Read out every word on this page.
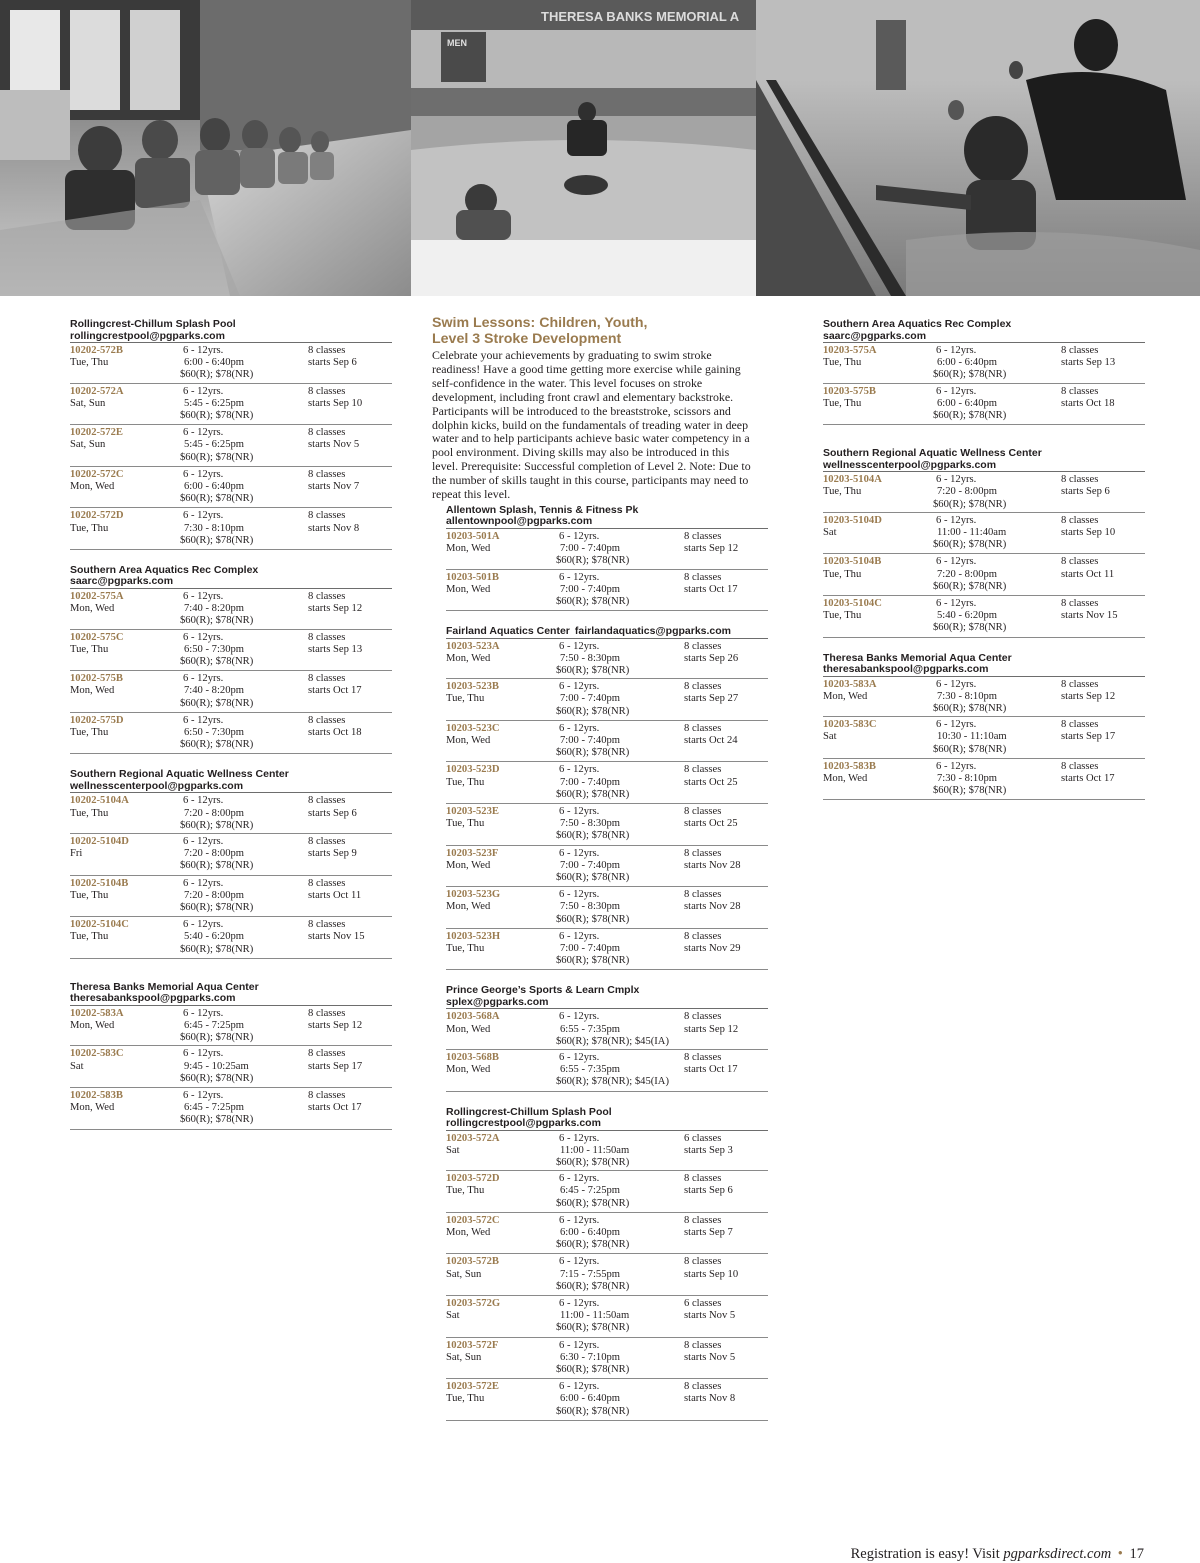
THERESA BANKS MEMORIAL A
MEN
Rollingcrest-Chillum Splash Pool
rollingcrestpool@pgparks.com
10202-572B
Tue, Thu
6 - 12yrs.
6:00 - 6:40pm
$60(R); $78(NR)
8 classes
starts Sep 6
10202-572A
Sat, Sun
6 - 12yrs.
5:45 - 6:25pm
$60(R); $78(NR)
8 classes
starts Sep 10
10202-572E
Sat, Sun
6 - 12yrs.
5:45 - 6:25pm
$60(R); $78(NR)
8 classes
starts Nov 5
10202-572C
Mon, Wed
6 - 12yrs.
6:00 - 6:40pm
$60(R); $78(NR)
8 classes
starts Nov 7
10202-572D
Tue, Thu
6 - 12yrs.
7:30 - 8:10pm
$60(R); $78(NR)
8 classes
starts Nov 8
Southern Area Aquatics Rec Complex
saarc@pgparks.com
10202-575A
Mon, Wed
6 - 12yrs.
7:40 - 8:20pm
$60(R); $78(NR)
8 classes
starts Sep 12
10202-575C
Tue, Thu
6 - 12yrs.
6:50 - 7:30pm
$60(R); $78(NR)
8 classes
starts Sep 13
10202-575B
Mon, Wed
6 - 12yrs.
7:40 - 8:20pm
$60(R); $78(NR)
8 classes
starts Oct 17
10202-575D
Tue, Thu
6 - 12yrs.
6:50 - 7:30pm
$60(R); $78(NR)
8 classes
starts Oct 18
Southern Regional Aquatic Wellness Center
wellnesscenterpool@pgparks.com
10202-5104A
Tue, Thu
6 - 12yrs.
7:20 - 8:00pm
$60(R); $78(NR)
8 classes
starts Sep 6
10202-5104D
Fri
6 - 12yrs.
7:20 - 8:00pm
$60(R); $78(NR)
8 classes
starts Sep 9
10202-5104B
Tue, Thu
6 - 12yrs.
7:20 - 8:00pm
$60(R); $78(NR)
8 classes
starts Oct 11
10202-5104C
Tue, Thu
6 - 12yrs.
5:40 - 6:20pm
$60(R); $78(NR)
8 classes
starts Nov 15
Theresa Banks Memorial Aqua Center
theresabankspool@pgparks.com
10202-583A
Mon, Wed
6 - 12yrs.
6:45 - 7:25pm
$60(R); $78(NR)
8 classes
starts Sep 12
10202-583C
Sat
6 - 12yrs.
9:45 - 10:25am
$60(R); $78(NR)
8 classes
starts Sep 17
10202-583B
Mon, Wed
6 - 12yrs.
6:45 - 7:25pm
$60(R); $78(NR)
8 classes
starts Oct 17
Swim Lessons: Children, Youth,
Level 3 Stroke Development
Celebrate your achievements by graduating to swim stroke readiness! Have a good time getting more exercise while gaining self-confidence in the water. This level focuses on stroke development, including front crawl and elementary backstroke. Participants will be introduced to the breaststroke, scissors and dolphin kicks, build on the fundamentals of treading water in deep water and to help participants achieve basic water competency in a pool environment. Diving skills may also be introduced in this level. Prerequisite: Successful completion of Level 2. Note: Due to the number of skills taught in this course, participants may need to repeat this level.
Allentown Splash, Tennis & Fitness Pk
allentownpool@pgparks.com
10203-501A
Mon, Wed
6 - 12yrs.
7:00 - 7:40pm
$60(R); $78(NR)
8 classes
starts Sep 12
10203-501B
Mon, Wed
6 - 12yrs.
7:00 - 7:40pm
$60(R); $78(NR)
8 classes
starts Oct 17
Fairland Aquatics Center fairlandaquatics@pgparks.com
10203-523A
Mon, Wed
6 - 12yrs.
7:50 - 8:30pm
$60(R); $78(NR)
8 classes
starts Sep 26
10203-523B
Tue, Thu
6 - 12yrs.
7:00 - 7:40pm
$60(R); $78(NR)
8 classes
starts Sep 27
10203-523C
Mon, Wed
6 - 12yrs.
7:00 - 7:40pm
$60(R); $78(NR)
8 classes
starts Oct 24
10203-523D
Tue, Thu
6 - 12yrs.
7:00 - 7:40pm
$60(R); $78(NR)
8 classes
starts Oct 25
10203-523E
Tue, Thu
6 - 12yrs.
7:50 - 8:30pm
$60(R); $78(NR)
8 classes
starts Oct 25
10203-523F
Mon, Wed
6 - 12yrs.
7:00 - 7:40pm
$60(R); $78(NR)
8 classes
starts Nov 28
10203-523G
Mon, Wed
6 - 12yrs.
7:50 - 8:30pm
$60(R); $78(NR)
8 classes
starts Nov 28
10203-523H
Tue, Thu
6 - 12yrs.
7:00 - 7:40pm
$60(R); $78(NR)
8 classes
starts Nov 29
Prince George’s Sports & Learn Cmplx
splex@pgparks.com
10203-568A
Mon, Wed
6 - 12yrs.
6:55 - 7:35pm
$60(R); $78(NR); $45(IA)
8 classes
starts Sep 12
10203-568B
Mon, Wed
6 - 12yrs.
6:55 - 7:35pm
$60(R); $78(NR); $45(IA)
8 classes
starts Oct 17
Rollingcrest-Chillum Splash Pool
rollingcrestpool@pgparks.com
10203-572A
Sat
6 - 12yrs.
11:00 - 11:50am
$60(R); $78(NR)
6 classes
starts Sep 3
10203-572D
Tue, Thu
6 - 12yrs.
6:45 - 7:25pm
$60(R); $78(NR)
8 classes
starts Sep 6
10203-572C
Mon, Wed
6 - 12yrs.
6:00 - 6:40pm
$60(R); $78(NR)
8 classes
starts Sep 7
10203-572B
Sat, Sun
6 - 12yrs.
7:15 - 7:55pm
$60(R); $78(NR)
8 classes
starts Sep 10
10203-572G
Sat
6 - 12yrs.
11:00 - 11:50am
$60(R); $78(NR)
6 classes
starts Nov 5
10203-572F
Sat, Sun
6 - 12yrs.
6:30 - 7:10pm
$60(R); $78(NR)
8 classes
starts Nov 5
10203-572E
Tue, Thu
6 - 12yrs.
6:00 - 6:40pm
$60(R); $78(NR)
8 classes
starts Nov 8
Southern Area Aquatics Rec Complex
saarc@pgparks.com
10203-575A
Tue, Thu
6 - 12yrs.
6:00 - 6:40pm
$60(R); $78(NR)
8 classes
starts Sep 13
10203-575B
Tue, Thu
6 - 12yrs.
6:00 - 6:40pm
$60(R); $78(NR)
8 classes
starts Oct 18
Southern Regional Aquatic Wellness Center
wellnesscenterpool@pgparks.com
10203-5104A
Tue, Thu
6 - 12yrs.
7:20 - 8:00pm
$60(R); $78(NR)
8 classes
starts Sep 6
10203-5104D
Sat
6 - 12yrs.
11:00 - 11:40am
$60(R); $78(NR)
8 classes
starts Sep 10
10203-5104B
Tue, Thu
6 - 12yrs.
7:20 - 8:00pm
$60(R); $78(NR)
8 classes
starts Oct 11
10203-5104C
Tue, Thu
6 - 12yrs.
5:40 - 6:20pm
$60(R); $78(NR)
8 classes
starts Nov 15
Theresa Banks Memorial Aqua Center
theresabankspool@pgparks.com
10203-583A
Mon, Wed
6 - 12yrs.
7:30 - 8:10pm
$60(R); $78(NR)
8 classes
starts Sep 12
10203-583C
Sat
6 - 12yrs.
10:30 - 11:10am
$60(R); $78(NR)
8 classes
starts Sep 17
10203-583B
Mon, Wed
6 - 12yrs.
7:30 - 8:10pm
$60(R); $78(NR)
8 classes
starts Oct 17
Registration is easy! Visit pgparksdirect.com • 17
